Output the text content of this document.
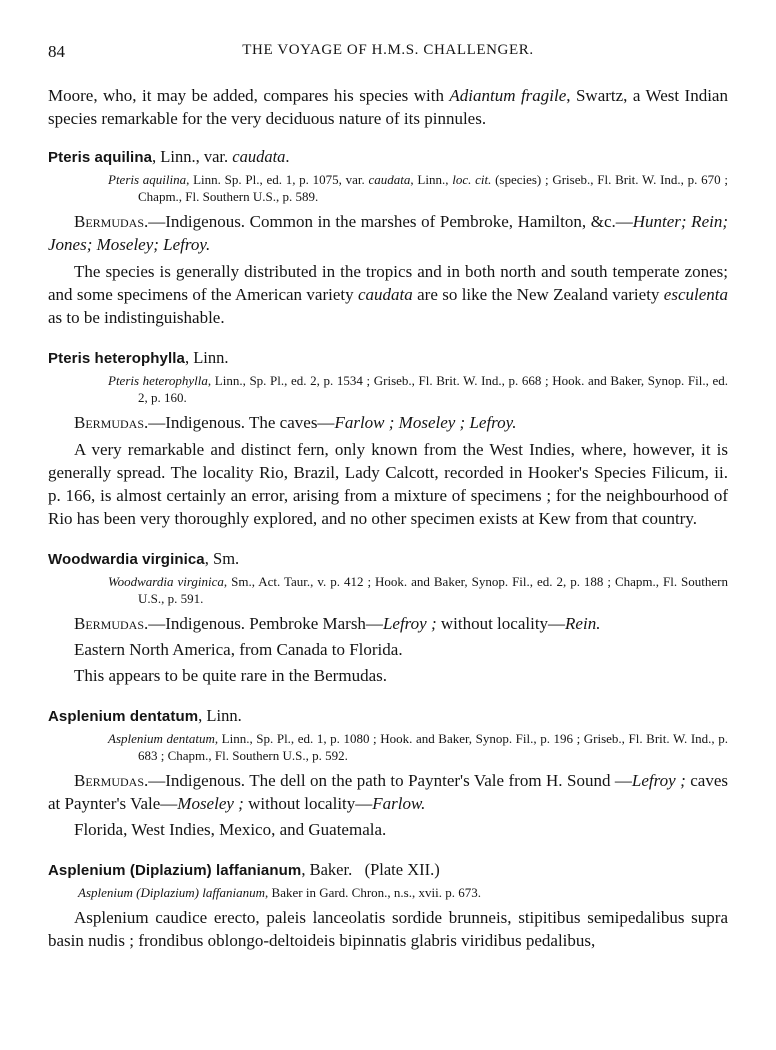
84	THE VOYAGE OF H.M.S. CHALLENGER.

Moore, who, it may be added, compares his species with Adiantum fragile, Swartz, a West Indian species remarkable for the very deciduous nature of its pinnules.

Pteris aquilina, Linn., var. caudata.

Pteris aquilina, Linn. Sp. Pl., ed. 1, p. 1075, var. caudata, Linn., loc. cit. (species) ; Griseb., Fl. Brit. W. Ind., p. 670 ; Chapm., Fl. Southern U.S., p. 589.

Bermudas.—Indigenous. Common in the marshes of Pembroke, Hamilton, &c.—Hunter; Rein; Jones; Moseley; Lefroy.

The species is generally distributed in the tropics and in both north and south temperate zones; and some specimens of the American variety caudata are so like the New Zealand variety esculenta as to be indistinguishable.

Pteris heterophylla, Linn.

Pteris heterophylla, Linn., Sp. Pl., ed. 2, p. 1534 ; Griseb., Fl. Brit. W. Ind., p. 668 ; Hook. and Baker, Synop. Fil., ed. 2, p. 160.

Bermudas.—Indigenous. The caves—Farlow ; Moseley ; Lefroy.

A very remarkable and distinct fern, only known from the West Indies, where, however, it is generally spread. The locality Rio, Brazil, Lady Calcott, recorded in Hooker's Species Filicum, ii. p. 166, is almost certainly an error, arising from a mixture of specimens ; for the neighbourhood of Rio has been very thoroughly explored, and no other specimen exists at Kew from that country.

Woodwardia virginica, Sm.

Woodwardia virginica, Sm., Act. Taur., v. p. 412 ; Hook. and Baker, Synop. Fil., ed. 2, p. 188 ; Chapm., Fl. Southern U.S., p. 591.

Bermudas.—Indigenous. Pembroke Marsh—Lefroy ; without locality—Rein.

Eastern North America, from Canada to Florida.

This appears to be quite rare in the Bermudas.

Asplenium dentatum, Linn.

Asplenium dentatum, Linn., Sp. Pl., ed. 1, p. 1080 ; Hook. and Baker, Synop. Fil., p. 196 ; Griseb., Fl. Brit. W. Ind., p. 683 ; Chapm., Fl. Southern U.S., p. 592.

Bermudas.—Indigenous. The dell on the path to Paynter's Vale from H. Sound —Lefroy ; caves at Paynter's Vale—Moseley ; without locality—Farlow.

Florida, West Indies, Mexico, and Guatemala.

Asplenium (Diplazium) laffanianum, Baker. (Plate XII.)

Asplenium (Diplazium) laffanianum, Baker in Gard. Chron., n.s., xvii. p. 673.

Asplenium caudice erecto, paleis lanceolatis sordide brunneis, stipitibus semipedalibus supra basin nudis ; frondibus oblongo-deltoideis bipinnatis glabris viridibus pedalibus,
